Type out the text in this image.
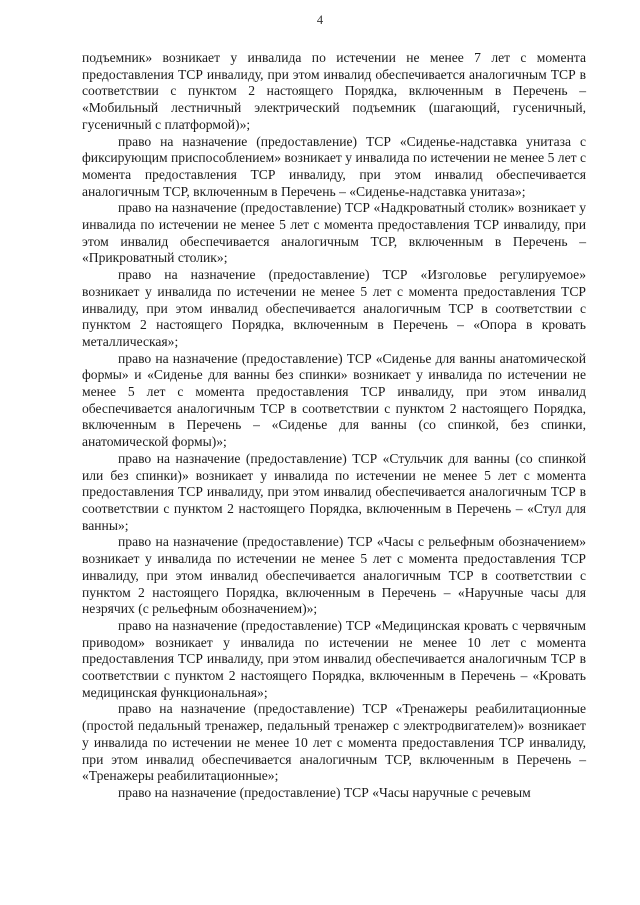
4

подъемник» возникает у инвалида по истечении не менее 7 лет с момента предоставления ТСР инвалиду, при этом инвалид обеспечивается аналогичным ТСР в соответствии с пунктом 2 настоящего Порядка, включенным в Перечень – «Мобильный лестничный электрический подъемник (шагающий, гусеничный, гусеничный с платформой)»;

право на назначение (предоставление) ТСР «Сиденье-надставка унитаза с фиксирующим приспособлением» возникает у инвалида по истечении не менее 5 лет с момента предоставления ТСР инвалиду, при этом инвалид обеспечивается аналогичным ТСР, включенным в Перечень – «Сиденье-надставка унитаза»;

право на назначение (предоставление) ТСР «Надкроватный столик» возникает у инвалида по истечении не менее 5 лет с момента предоставления ТСР инвалиду, при этом инвалид обеспечивается аналогичным ТСР, включенным в Перечень – «Прикроватный столик»;

право на назначение (предоставление) ТСР «Изголовье регулируемое» возникает у инвалида по истечении не менее 5 лет с момента предоставления ТСР инвалиду, при этом инвалид обеспечивается аналогичным ТСР в соответствии с пунктом 2 настоящего Порядка, включенным в Перечень – «Опора в кровать металлическая»;

право на назначение (предоставление) ТСР «Сиденье для ванны анатомической формы» и «Сиденье для ванны без спинки» возникает у инвалида по истечении не менее 5 лет с момента предоставления ТСР инвалиду, при этом инвалид обеспечивается аналогичным ТСР в соответствии с пунктом 2 настоящего Порядка, включенным в Перечень – «Сиденье для ванны (со спинкой, без спинки, анатомической формы)»;

право на назначение (предоставление) ТСР «Стульчик для ванны (со спинкой или без спинки)» возникает у инвалида по истечении не менее 5 лет с момента предоставления ТСР инвалиду, при этом инвалид обеспечивается аналогичным ТСР в соответствии с пунктом 2 настоящего Порядка, включенным в Перечень – «Стул для ванны»;

право на назначение (предоставление) ТСР «Часы с рельефным обозначением» возникает у инвалида по истечении не менее 5 лет с момента предоставления ТСР инвалиду, при этом инвалид обеспечивается аналогичным ТСР в соответствии с пунктом 2 настоящего Порядка, включенным в Перечень – «Наручные часы для незрячих (с рельефным обозначением)»;

право на назначение (предоставление) ТСР «Медицинская кровать с червячным приводом» возникает у инвалида по истечении не менее 10 лет с момента предоставления ТСР инвалиду, при этом инвалид обеспечивается аналогичным ТСР в соответствии с пунктом 2 настоящего Порядка, включенным в Перечень – «Кровать медицинская функциональная»;

право на назначение (предоставление) ТСР «Тренажеры реабилитационные (простой педальный тренажер, педальный тренажер с электродвигателем)» возникает у инвалида по истечении не менее 10 лет с момента предоставления ТСР инвалиду, при этом инвалид обеспечивается аналогичным ТСР, включенным в Перечень – «Тренажеры реабилитационные»;

право на назначение (предоставление) ТСР «Часы наручные с речевым
